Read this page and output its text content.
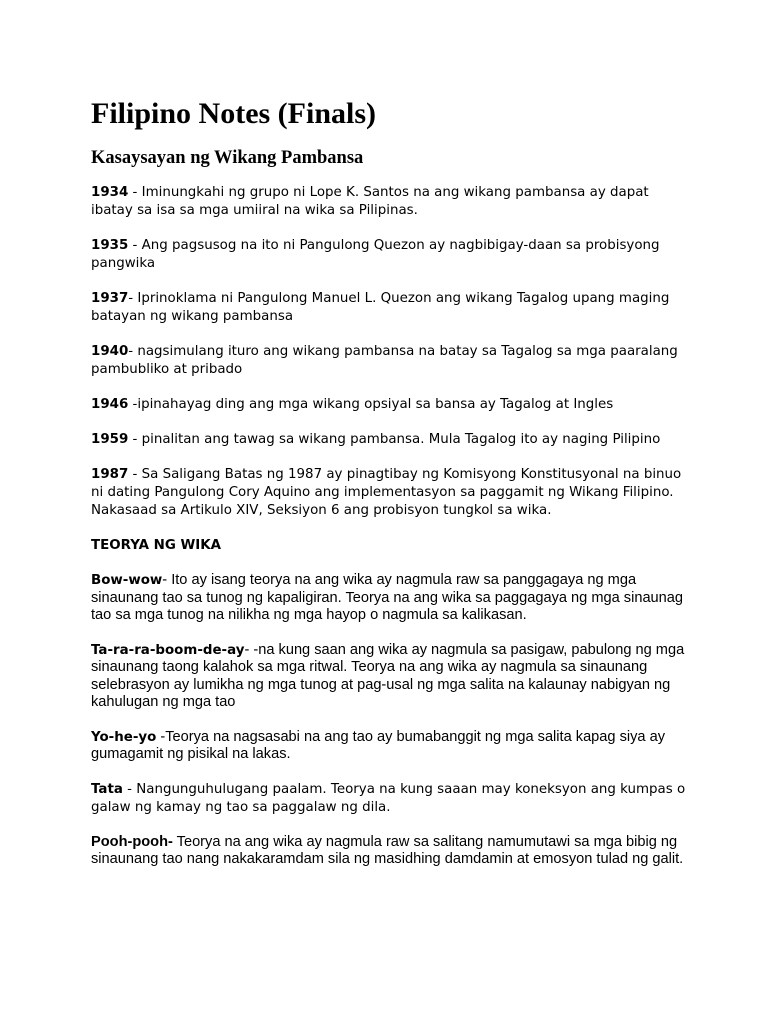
Filipino Notes (Finals)
Kasaysayan ng Wikang Pambansa

1934 - Iminungkahi ng grupo ni Lope K. Santos na ang wikang pambansa ay dapat ibatay sa isa sa mga umiiral na wika sa Pilipinas.

1935 - Ang pagsusog na ito ni Pangulong Quezon ay nagbibigay-daan sa probisyong pangwika

1937- Iprinoklama ni Pangulong Manuel L. Quezon ang wikang Tagalog upang maging batayan ng wikang pambansa

1940- nagsimulang ituro ang wikang pambansa na batay sa Tagalog sa mga paaralang pambubliko at pribado

1946 -ipinahayag ding ang mga wikang opsiyal sa bansa ay Tagalog at Ingles

1959 - pinalitan ang tawag sa wikang pambansa. Mula Tagalog ito ay naging Pilipino

1987 - Sa Saligang Batas ng 1987 ay pinagtibay ng Komisyong Konstitusyonal na binuo ni dating Pangulong Cory Aquino ang implementasyon sa paggamit ng Wikang Filipino. Nakasaad sa Artikulo XIV, Seksiyon 6 ang probisyon tungkol sa wika.

TEORYA NG WIKA

Bow-wow- Ito ay isang teorya na ang wika ay nagmula raw sa panggagaya ng mga sinaunang tao sa tunog ng kapaligiran. Teorya na ang wika sa paggagaya ng mga sinaunag tao sa mga tunog na nilikha ng mga hayop o nagmula sa kalikasan.

Ta-ra-ra-boom-de-ay- -na kung saan ang wika ay nagmula sa pasigaw, pabulong ng mga sinaunang taong kalahok sa mga ritwal. Teorya na ang wika ay nagmula sa sinaunang selebrasyon ay lumikha ng mga tunog at pag-usal ng mga salita na kalaunay nabigyan ng kahulugan ng mga tao

Yo-he-yo -Teorya na nagsasabi na ang tao ay bumabanggit ng mga salita kapag siya ay gumagamit ng pisikal na lakas.

Tata - Nangunguhulugang paalam. Teorya na kung saaan may koneksyon ang kumpas o galaw ng kamay ng tao sa paggalaw ng dila.

Pooh-pooh- Teorya na ang wika ay nagmula raw sa salitang namumutawi sa mga bibig ng sinaunang tao nang nakakaramdam sila ng masidhing damdamin at emosyon tulad ng galit.
